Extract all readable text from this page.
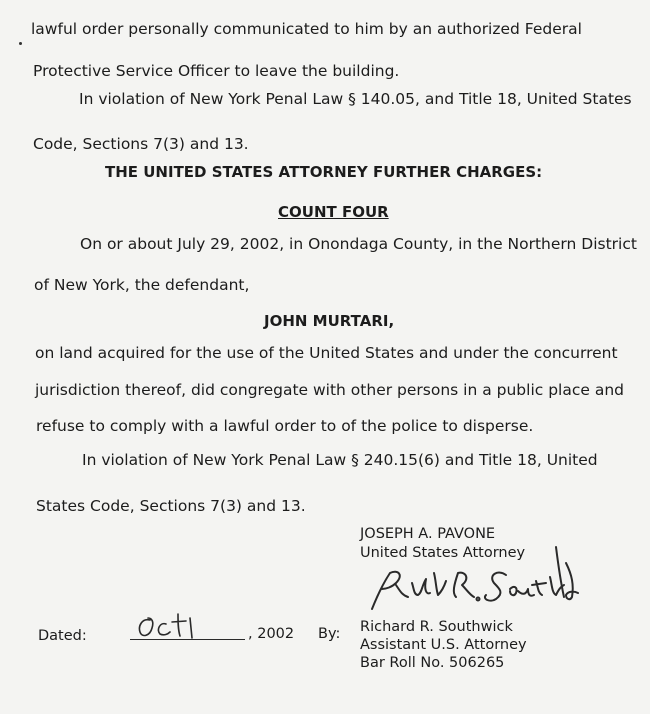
lawful order personally communicated to him by an authorized Federal
Protective Service Officer to leave the building.
In violation of New York Penal Law § 140.05, and Title 18, United States
Code, Sections 7(3) and 13.
THE UNITED STATES ATTORNEY FURTHER CHARGES:
COUNT FOUR
On or about July 29, 2002, in Onondaga County, in the Northern District
of New York, the defendant,
JOHN MURTARI,
on land acquired for the use of the United States and under the concurrent
jurisdiction thereof, did congregate with other persons in a public place and
refuse to comply with a lawful order to of the police to disperse.
In violation of New York Penal Law § 240.15(6) and Title 18, United
States Code, Sections 7(3) and 13.
JOSEPH A. PAVONE
United States Attorney
Dated:	, 2002 By: Richard R. Southwick
Assistant U.S. Attorney
Bar Roll No. 506265
